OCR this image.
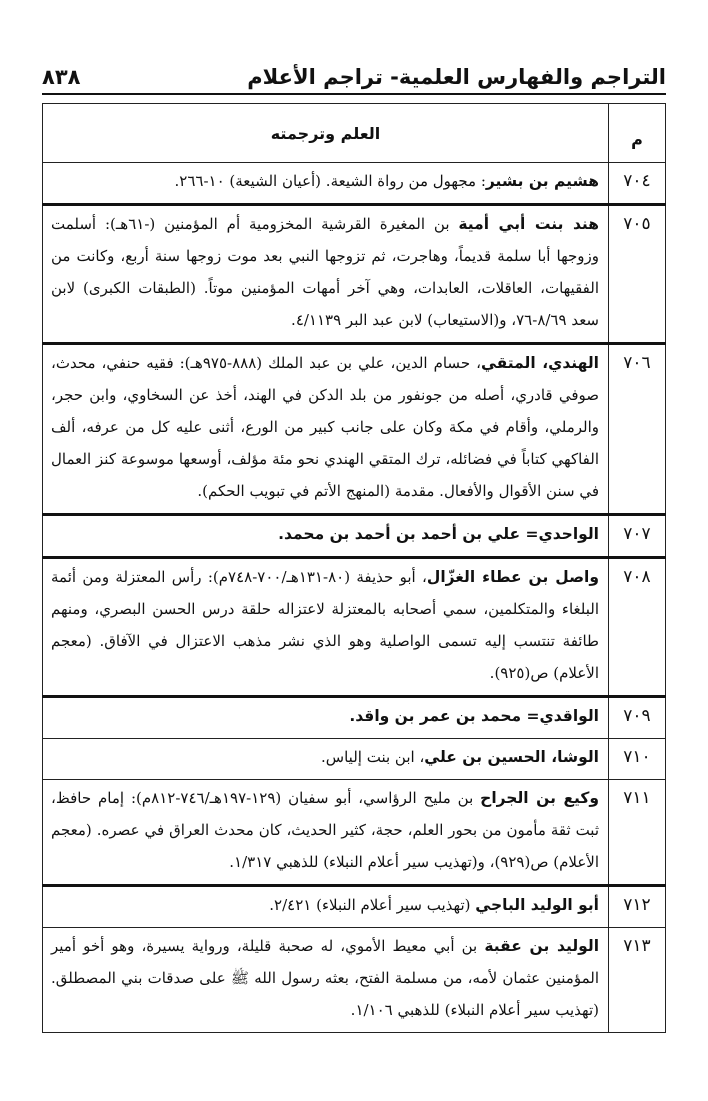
التراجم والفهارس العلمية- تراجم الأعلام
٨٣٨
م	العلم وترجمته
٧٠٤	هشيم بن بشير: مجهول من رواة الشيعة. (أعيان الشيعة) ١٠-٢٦٦.
٧٠٥	هند بنت أبي أمية بن المغيرة القرشية المخزومية أم المؤمنين (-٦١هـ): أسلمت وزوجها أبا سلمة قديماً، وهاجرت، ثم تزوجها النبي بعد موت زوجها سنة أربع، وكانت من الفقيهات، العاقلات، العابدات، وهي آخر أمهات المؤمنين موتاً. (الطبقات الكبرى) لابن سعد ٨/٦٩-٧٦، و(الاستيعاب) لابن عبد البر ٤/١١٣٩.
٧٠٦	الهندي، المتقي، حسام الدين، علي بن عبد الملك (٨٨٨-٩٧٥هـ): فقيه حنفي، محدث، صوفي قادري، أصله من جونفور من بلد الدكن في الهند، أخذ عن السخاوي، وابن حجر، والرملي، وأقام في مكة وكان على جانب كبير من الورع، أثنى عليه كل من عرفه، ألف الفاكهي كتاباً في فضائله، ترك المتقي الهندي نحو مئة مؤلف، أوسعها موسوعة كنز العمال في سنن الأقوال والأفعال. مقدمة (المنهج الأتم في تبويب الحكم).
٧٠٧	الواحدي= علي بن أحمد بن أحمد بن محمد.
٧٠٨	واصل بن عطاء الغزّال، أبو حذيفة (٨٠-١٣١هـ/٧٠٠-٧٤٨م): رأس المعتزلة ومن أئمة البلغاء والمتكلمين، سمي أصحابه بالمعتزلة لاعتزاله حلقة درس الحسن البصري، ومنهم طائفة تنتسب إليه تسمى الواصلية وهو الذي نشر مذهب الاعتزال في الآفاق. (معجم الأعلام) ص(٩٢٥).
٧٠٩	الواقدي= محمد بن عمر بن واقد.
٧١٠	الوشا، الحسين بن علي، ابن بنت إلياس.
٧١١	وكيع بن الجراح بن مليح الرؤاسي، أبو سفيان (١٢٩-١٩٧هـ/٧٤٦-٨١٢م): إمام حافظ، ثبت ثقة مأمون من بحور العلم، حجة، كثير الحديث، كان محدث العراق في عصره. (معجم الأعلام) ص(٩٢٩)، و(تهذيب سير أعلام النبلاء) للذهبي ١/٣١٧.
٧١٢	أبو الوليد الباجي (تهذيب سير أعلام النبلاء) ٢/٤٢١.
٧١٣	الوليد بن عقبة بن أبي معيط الأموي، له صحبة قليلة، ورواية يسيرة، وهو أخو أمير المؤمنين عثمان لأمه، من مسلمة الفتح، بعثه رسول الله ﷺ على صدقات بني المصطلق. (تهذيب سير أعلام النبلاء) للذهبي ١/١٠٦.
